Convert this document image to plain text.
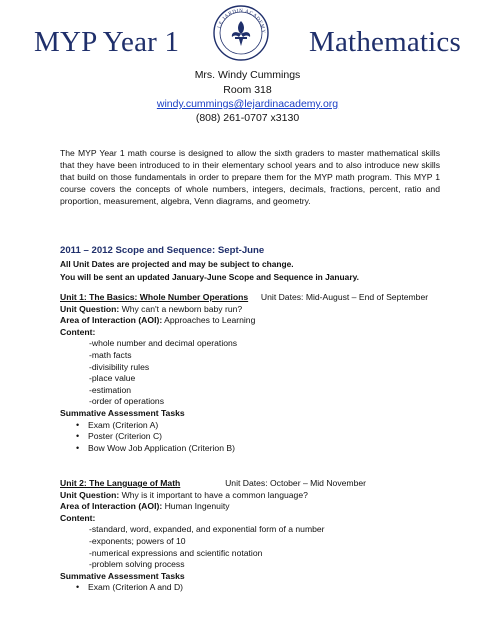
MYP Year 1	Mathematics
LE JARDIN ACADEMY
Mrs. Windy Cummings
Room 318
windy.cummings@lejardinacademy.org
(808) 261-0707 x3130
The MYP Year 1 math course is designed to allow the sixth graders to master mathematical skills that they have been introduced to in their elementary school years and to also introduce new skills that build on those fundamentals in order to prepare them for the MYP math program. This MYP 1 course covers the concepts of whole numbers, integers, decimals, fractions, percent, ratio and proportion, measurement, algebra, Venn diagrams, and geometry.
2011 – 2012 Scope and Sequence: Sept-June
All Unit Dates are projected and may be subject to change.
You will be sent an updated January-June Scope and Sequence in January.
Unit 1: The Basics: Whole Number Operations Unit Dates: Mid-August – End of September
Unit Question: Why can't a newborn baby run?
Area of Interaction (AOI): Approaches to Learning
Content:
-whole number and decimal operations
-math facts
-divisibility rules
-place value
-estimation
-order of operations
Summative Assessment Tasks
• Exam (Criterion A)
• Poster (Criterion C)
• Bow Wow Job Application (Criterion B)
Unit 2: The Language of Math	Unit Dates: October – Mid November
Unit Question: Why is it important to have a common language?
Area of Interaction (AOI): Human Ingenuity
Content:
-standard, word, expanded, and exponential form of a number
-exponents; powers of 10
-numerical expressions and scientific notation
-problem solving process
Summative Assessment Tasks
• Exam (Criterion A and D)
